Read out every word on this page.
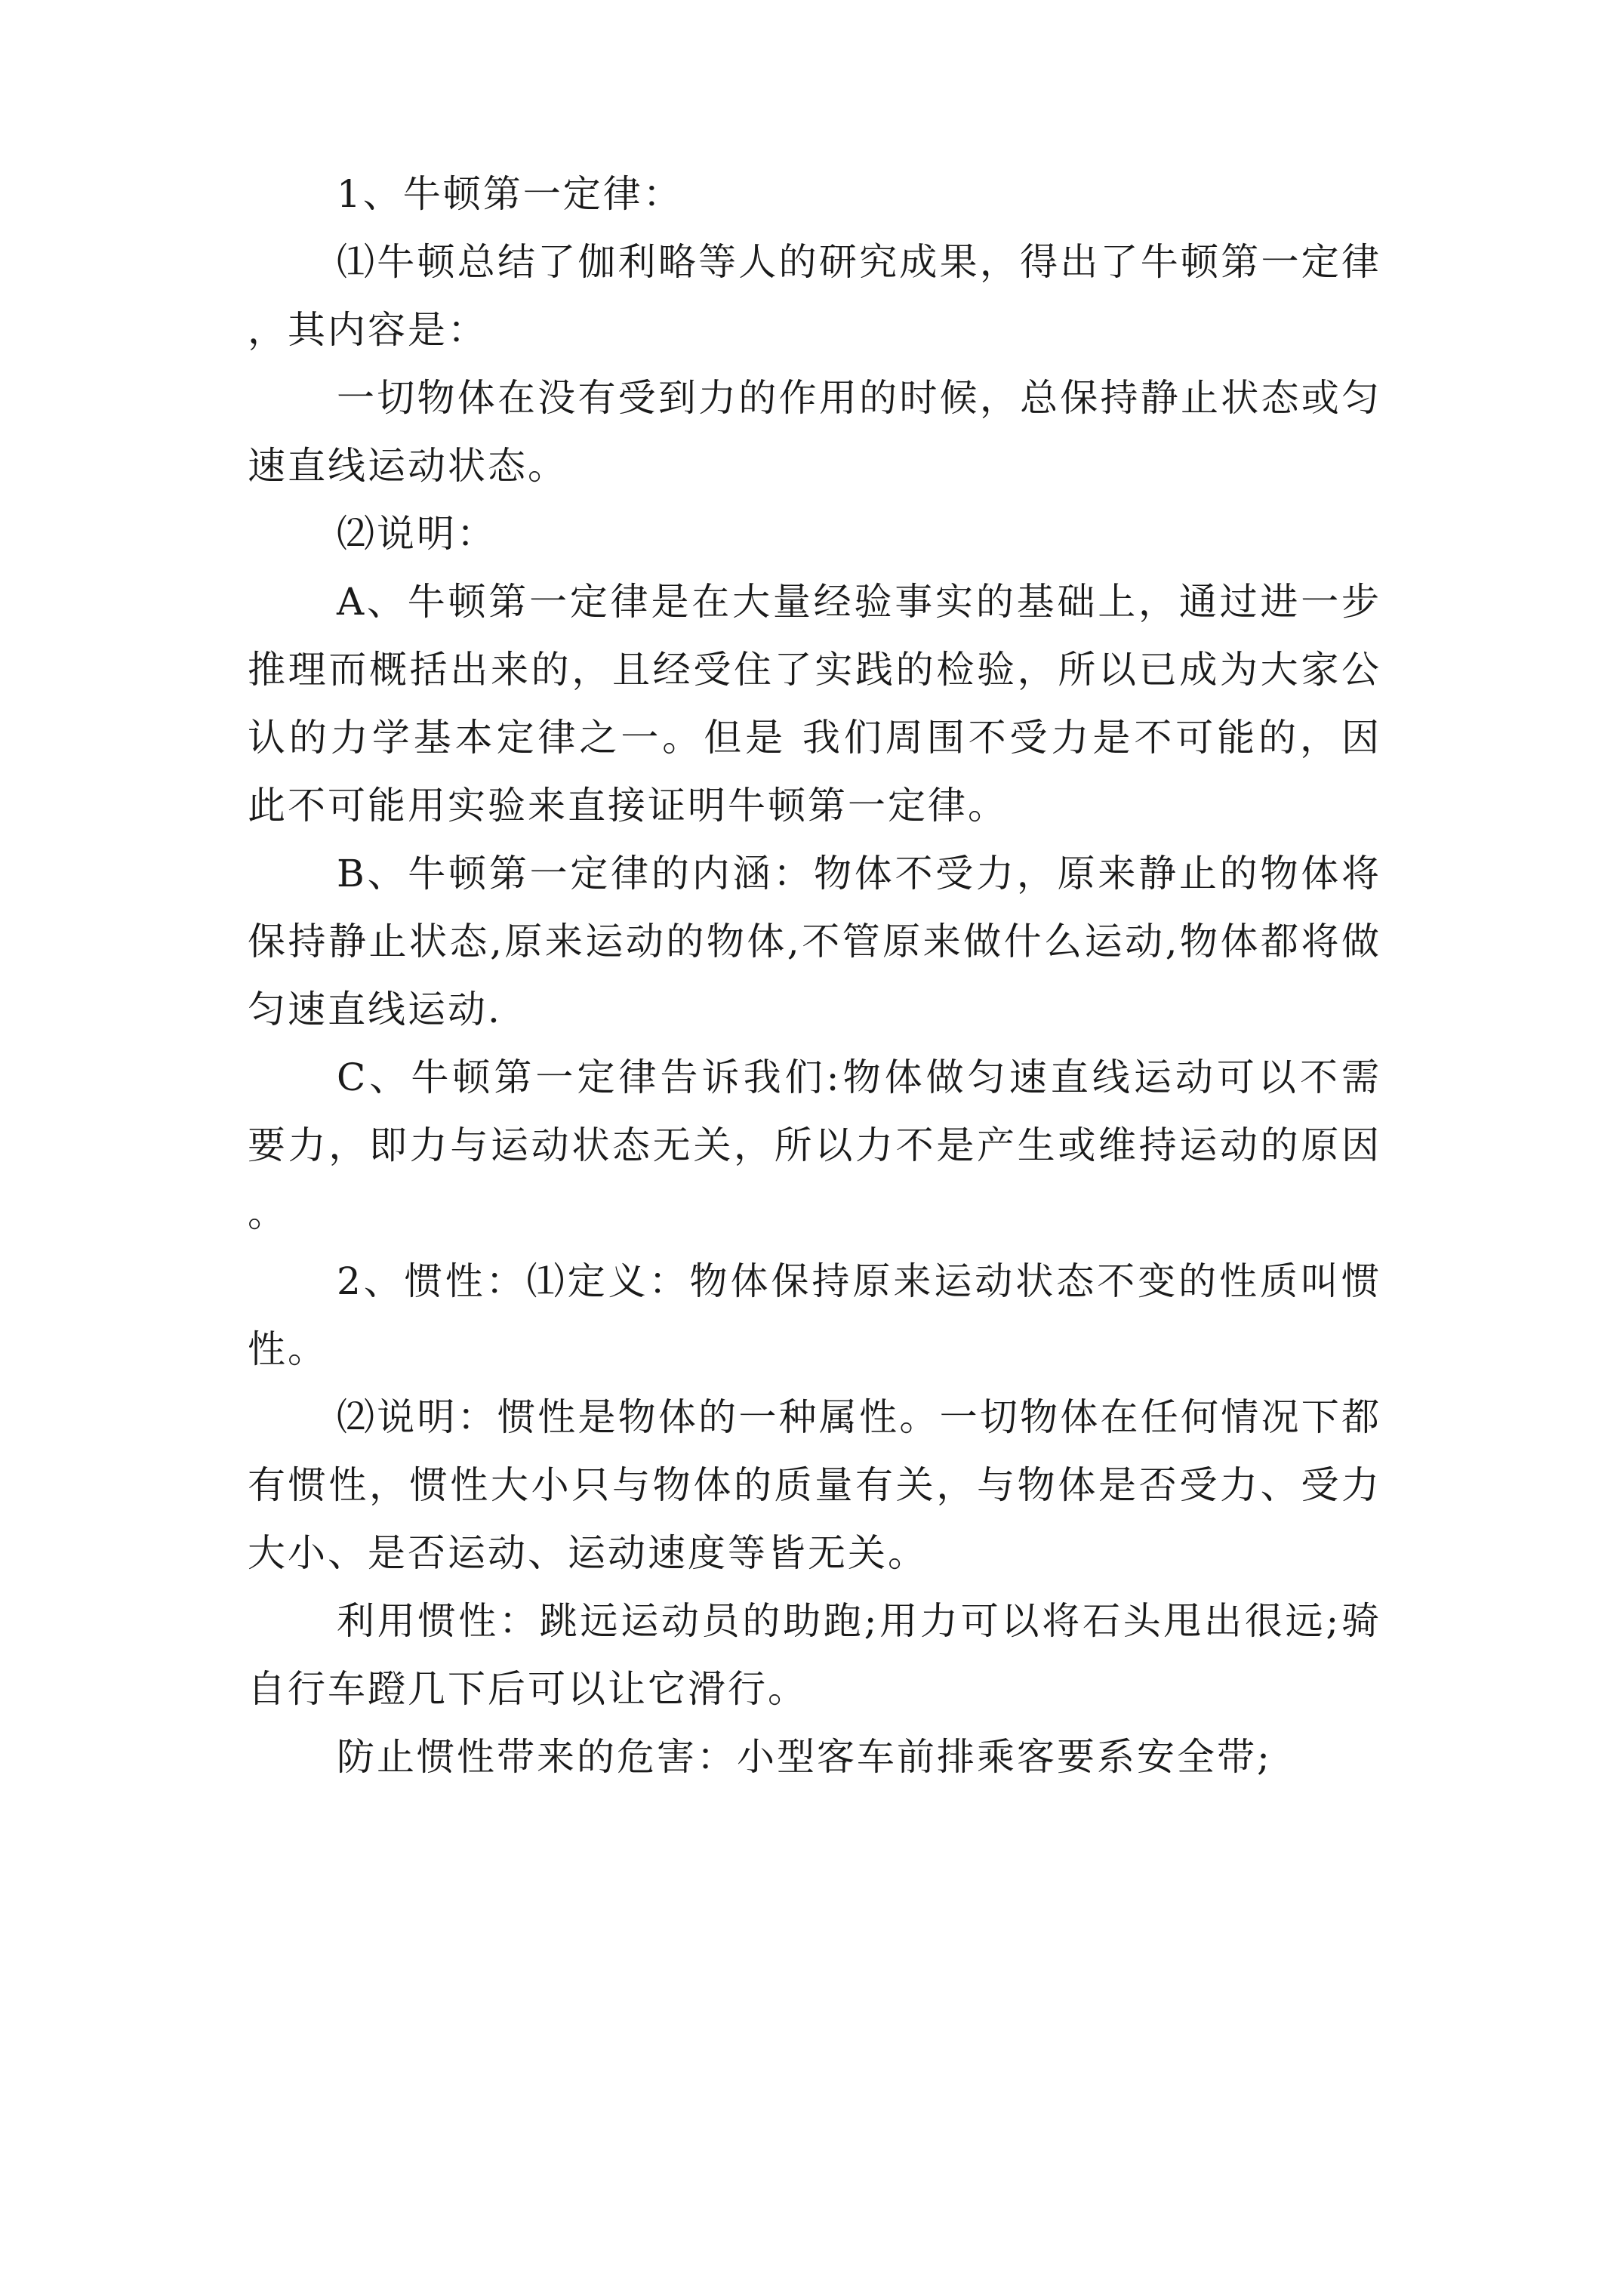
1、牛顿第一定律：

⑴牛顿总结了伽利略等人的研究成果，得出了牛顿第一定律，其内容是：

一切物体在没有受到力的作用的时候，总保持静止状态或匀速直线运动状态。

⑵说明：

A、牛顿第一定律是在大量经验事实的基础上，通过进一步推理而概括出来的，且经受住了实践的检验，所以已成为大家公认的力学基本定律之一。但是 我们周围不受力是不可能的，因此不可能用实验来直接证明牛顿第一定律。

B、牛顿第一定律的内涵：物体不受力，原来静止的物体将保持静止状态,原来运动的物体,不管原来做什么运动,物体都将做匀速直线运动.

C、牛顿第一定律告诉我们:物体做匀速直线运动可以不需要力，即力与运动状态无关，所以力不是产生或维持运动的原因。

2、惯性：⑴定义：物体保持原来运动状态不变的性质叫惯性。

⑵说明：惯性是物体的一种属性。一切物体在任何情况下都有惯性，惯性大小只与物体的质量有关，与物体是否受力、受力大小、是否运动、运动速度等皆无关。

利用惯性：跳远运动员的助跑;用力可以将石头甩出很远;骑自行车蹬几下后可以让它滑行。

防止惯性带来的危害：小型客车前排乘客要系安全带;
